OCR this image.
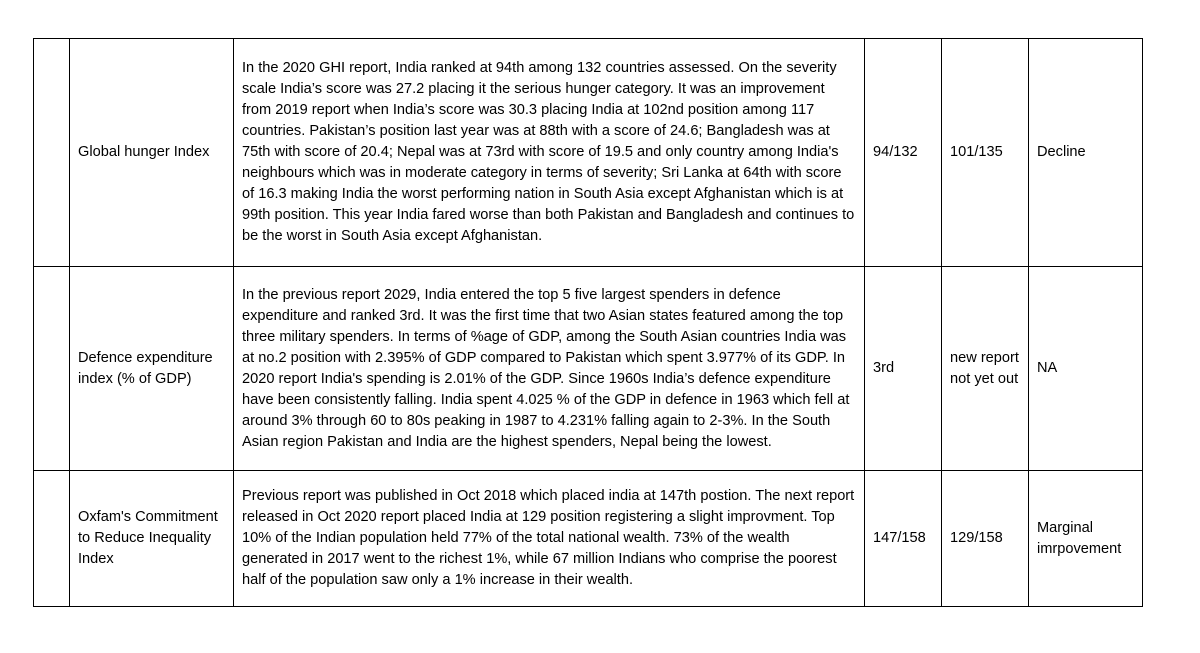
	Global hunger Index	In the 2020 GHI report, India ranked at 94th among 132 countries assessed. On the severity scale India’s score was 27.2 placing it the serious hunger category. It was an improvement from 2019 report when India’s score was 30.3 placing India at 102nd position among 117 countries. Pakistan’s position last year was at 88th with a score of 24.6; Bangladesh was at 75th with score of 20.4; Nepal was at 73rd with score of 19.5 and only country among India's neighbours which was in moderate category in terms of severity; Sri Lanka at 64th with score of 16.3 making India the worst performing nation in South Asia except Afghanistan which is at 99th position. This year India fared worse than both Pakistan and Bangladesh and continues to be the worst in South Asia except Afghanistan.	94/132	101/135	Decline
	Defence expenditure index (% of GDP)	In the previous report 2029, India entered the top 5 five largest spenders in defence expenditure and ranked 3rd. It was the first time that two Asian states featured among the top three military spenders. In terms of %age of GDP, among the South Asian countries India was at no.2 position with 2.395% of GDP compared to Pakistan which spent 3.977% of its GDP. In 2020 report India's spending is 2.01% of the GDP. Since 1960s India’s defence expenditure have been consistently falling. India spent 4.025 % of the GDP in defence in 1963 which fell at around 3% through 60 to 80s peaking in 1987 to 4.231% falling again to 2-3%. In the South Asian region Pakistan and India are the highest spenders, Nepal being the lowest.	3rd	new report not yet out	NA
	Oxfam's Commitment to Reduce Inequality Index	Previous report was published in Oct 2018 which placed india at 147th postion. The next report released in Oct 2020 report placed India at 129 position registering a slight improvment. Top 10% of the Indian population held 77% of the total national wealth. 73% of the wealth generated in 2017 went to the richest 1%, while 67 million Indians who comprise the poorest half of the population saw only a 1% increase in their wealth.	147/158	129/158	Marginal imrpovement
